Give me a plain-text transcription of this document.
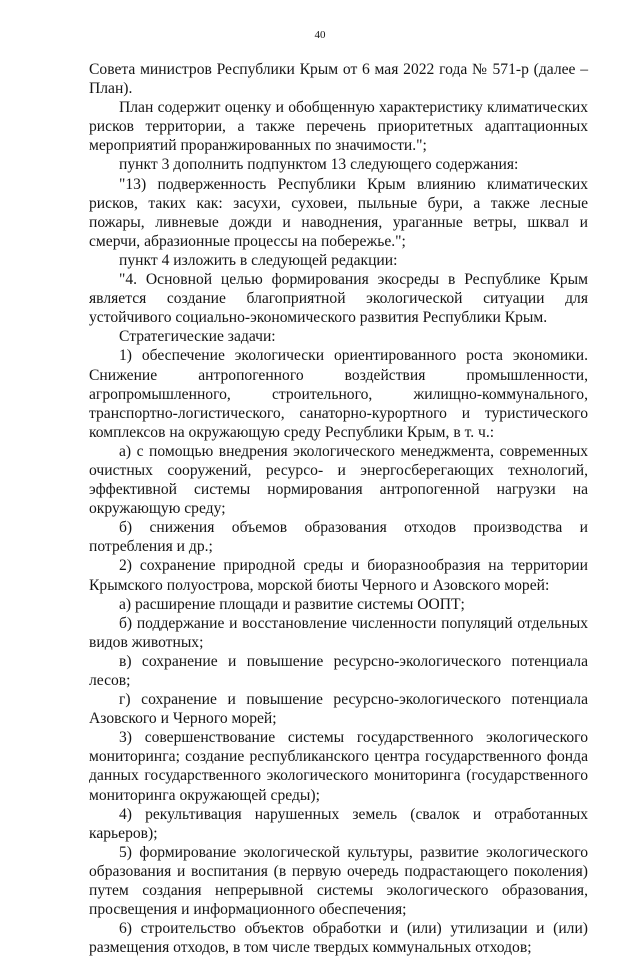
40

Совета министров Республики Крым от 6 мая 2022 года № 571-р (далее – План).

План содержит оценку и обобщенную характеристику климатических рисков территории, а также перечень приоритетных адаптационных мероприятий проранжированных по значимости.";

пункт 3 дополнить подпунктом 13 следующего содержания:

"13) подверженность Республики Крым влиянию климатических рисков, таких как: засухи, суховеи, пыльные бури, а также лесные пожары, ливневые дожди и наводнения, ураганные ветры, шквал и смерчи, абразионные процессы на побережье.";

пункт 4 изложить в следующей редакции:

"4. Основной целью формирования экосреды в Республике Крым является создание благоприятной экологической ситуации для устойчивого социально-экономического развития Республики Крым.

Стратегические задачи:

1) обеспечение экологически ориентированного роста экономики. Снижение антропогенного воздействия промышленности, агропромышленного, строительного, жилищно-коммунального, транспортно-логистического, санаторно-курортного и туристического комплексов на окружающую среду Республики Крым, в т. ч.:

а) с помощью внедрения экологического менеджмента, современных очистных сооружений, ресурсо- и энергосберегающих технологий, эффективной системы нормирования антропогенной нагрузки на окружающую среду;

б) снижения объемов образования отходов производства и потребления и др.;

2) сохранение природной среды и биоразнообразия на территории Крымского полуострова, морской биоты Черного и Азовского морей:

а) расширение площади и развитие системы ООПТ;

б) поддержание и восстановление численности популяций отдельных видов животных;

в) сохранение и повышение ресурсно-экологического потенциала лесов;

г) сохранение и повышение ресурсно-экологического потенциала Азовского и Черного морей;

3) совершенствование системы государственного экологического мониторинга; создание республиканского центра государственного фонда данных государственного экологического мониторинга (государственного мониторинга окружающей среды);

4) рекультивация нарушенных земель (свалок и отработанных карьеров);

5) формирование экологической культуры, развитие экологического образования и воспитания (в первую очередь подрастающего поколения) путем создания непрерывной системы экологического образования, просвещения и информационного обеспечения;

6) строительство объектов обработки и (или) утилизации и (или) размещения отходов, в том числе твердых коммунальных отходов;
